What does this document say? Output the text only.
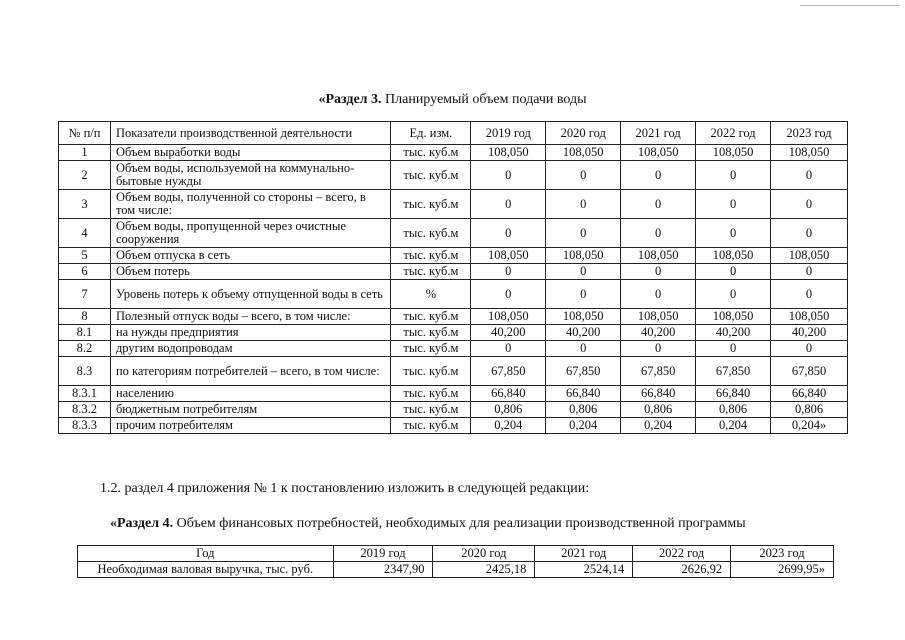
«Раздел 3. Планируемый объем подачи воды
№ п/п	Показатели производственной деятельности	Ед. изм.	2019 год	2020 год	2021 год	2022 год	2023 год
1	Объем выработки воды	тыс. куб.м	108,050	108,050	108,050	108,050	108,050
2	Объем воды, используемой на коммунально-бытовые нужды	тыс. куб.м	0	0	0	0	0
3	Объем воды, полученной со стороны – всего, в том числе:	тыс. куб.м	0	0	0	0	0
4	Объем воды, пропущенной через очистные сооружения	тыс. куб.м	0	0	0	0	0
5	Объем отпуска в сеть	тыс. куб.м	108,050	108,050	108,050	108,050	108,050
6	Объем потерь	тыс. куб.м	0	0	0	0	0
7	Уровень потерь к объему отпущенной воды в сеть	%	0	0	0	0	0
8	Полезный отпуск воды – всего, в том числе:	тыс. куб.м	108,050	108,050	108,050	108,050	108,050
8.1	на нужды предприятия	тыс. куб.м	40,200	40,200	40,200	40,200	40,200
8.2	другим водопроводам	тыс. куб.м	0	0	0	0	0
8.3	по категориям потребителей – всего, в том числе:	тыс. куб.м	67,850	67,850	67,850	67,850	67,850
8.3.1	населению	тыс. куб.м	66,840	66,840	66,840	66,840	66,840
8.3.2	бюджетным потребителям	тыс. куб.м	0,806	0,806	0,806	0,806	0,806
8.3.3	прочим потребителям	тыс. куб.м	0,204	0,204	0,204	0,204	0,204»
1.2. раздел 4 приложения № 1 к постановлению изложить в следующей редакции:
«Раздел 4. Объем финансовых потребностей, необходимых для реализации производственной программы
Год	2019 год	2020 год	2021 год	2022 год	2023 год
Необходимая валовая выручка, тыс. руб.	2347,90	2425,18	2524,14	2626,92	2699,95»
